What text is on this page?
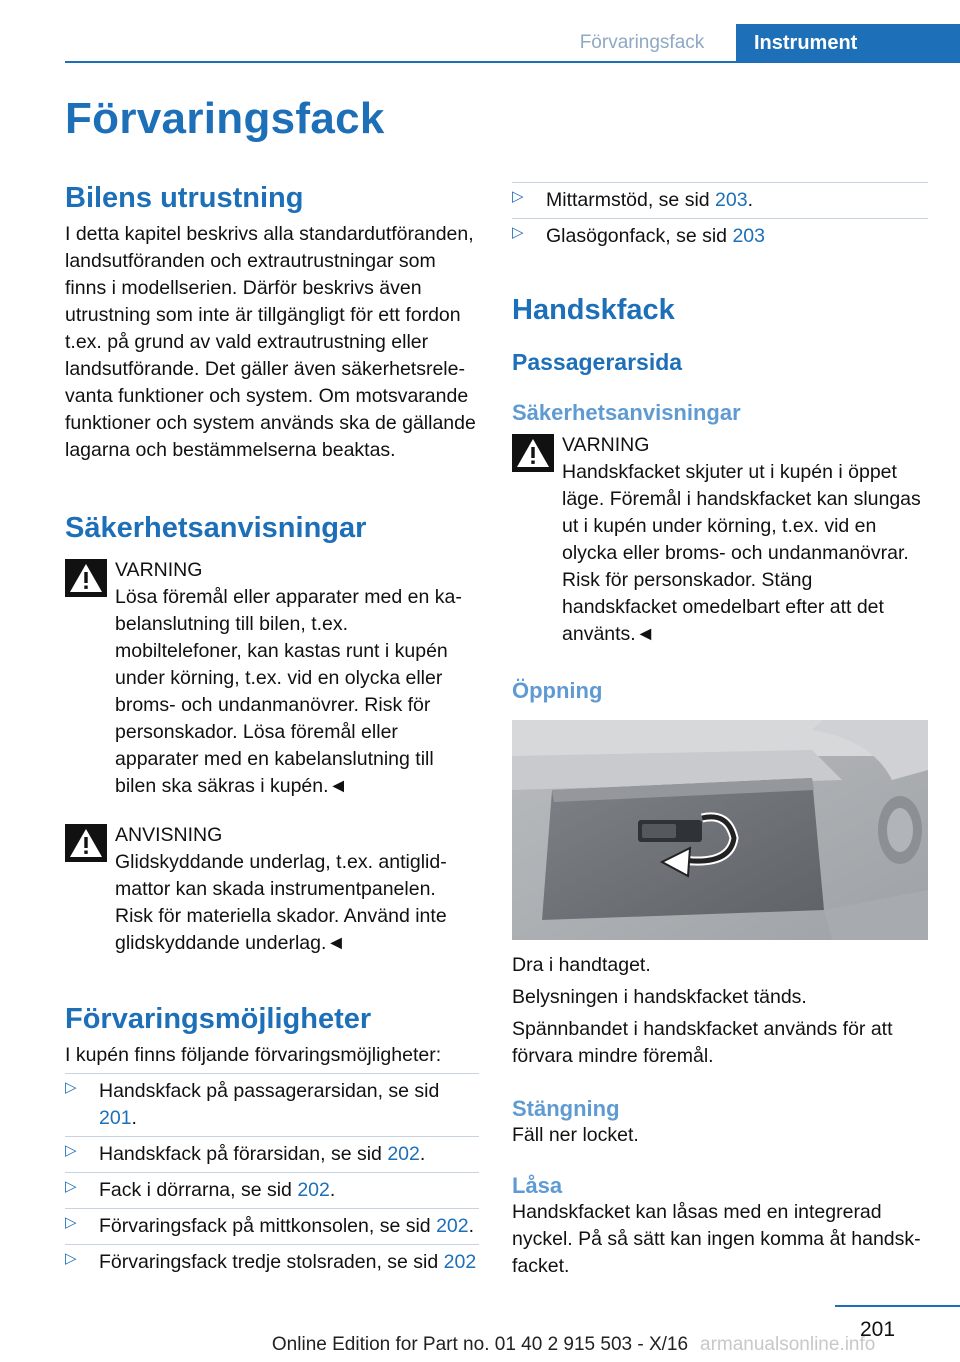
Förvaringsfack	Instrument
Förvaringsfack
Bilens utrustning

I detta kapitel beskrivs alla standardutföranden, landsutföranden och extrautrustningar som finns i modellserien. Därför beskrivs även utrustning som inte är tillgängligt för ett fordon t.ex. på grund av vald extrautrustning eller landsutförande. Det gäller även säkerhetsrelevanta funktioner och system. Om motsvarande funktioner och system används ska de gällande lagarna och bestämmelserna beaktas.

Säkerhetsanvisningar
VARNING
Lösa föremål eller apparater med en kabelanslutning till bilen, t.ex. mobiltelefoner, kan kastas runt i kupén under körning, t.ex. vid en olycka eller broms- och undanmanövrer. Risk för personskador. Lösa föremål eller apparater med en kabelanslutning till bilen ska säkras i kupén.◄
ANVISNING
Glidskyddande underlag, t.ex. antiglidmattor kan skada instrumentpanelen. Risk för materiella skador. Använd inte glidskyddande underlag.◄
Förvaringsmöjligheter

I kupén finns följande förvaringsmöjligheter:

▷ Handskfack på passagerarsidan, se sid 201.
▷ Handskfack på förarsidan, se sid 202.
▷ Fack i dörrarna, se sid 202.
▷ Förvaringsfack på mittkonsolen, se sid 202.
▷ Förvaringsfack tredje stolsraden, se sid 202
▷ Mittarmstöd, se sid 203.
▷ Glasögonfack, se sid 203
Handskfack
Passagerarsida
Säkerhetsanvisningar
VARNING
Handskfacket skjuter ut i kupén i öppet läge. Föremål i handskfacket kan slungas ut i kupén under körning, t.ex. vid en olycka eller broms- och undanmanövrar. Risk för personskador. Stäng handskfacket omedelbart efter att det använts.◄
Öppning

Dra i handtaget.

Belysningen i handskfacket tänds.

Spännbandet i handskfacket används för att förvara mindre föremål.

Stängning

Fäll ner locket.

Låsa

Handskfacket kan låsas med en integrerad nyckel. På så sätt kan ingen komma åt handskfacket.

201
Online Edition for Part no. 01 40 2 915 503 - X/16 armanualsonline.info
